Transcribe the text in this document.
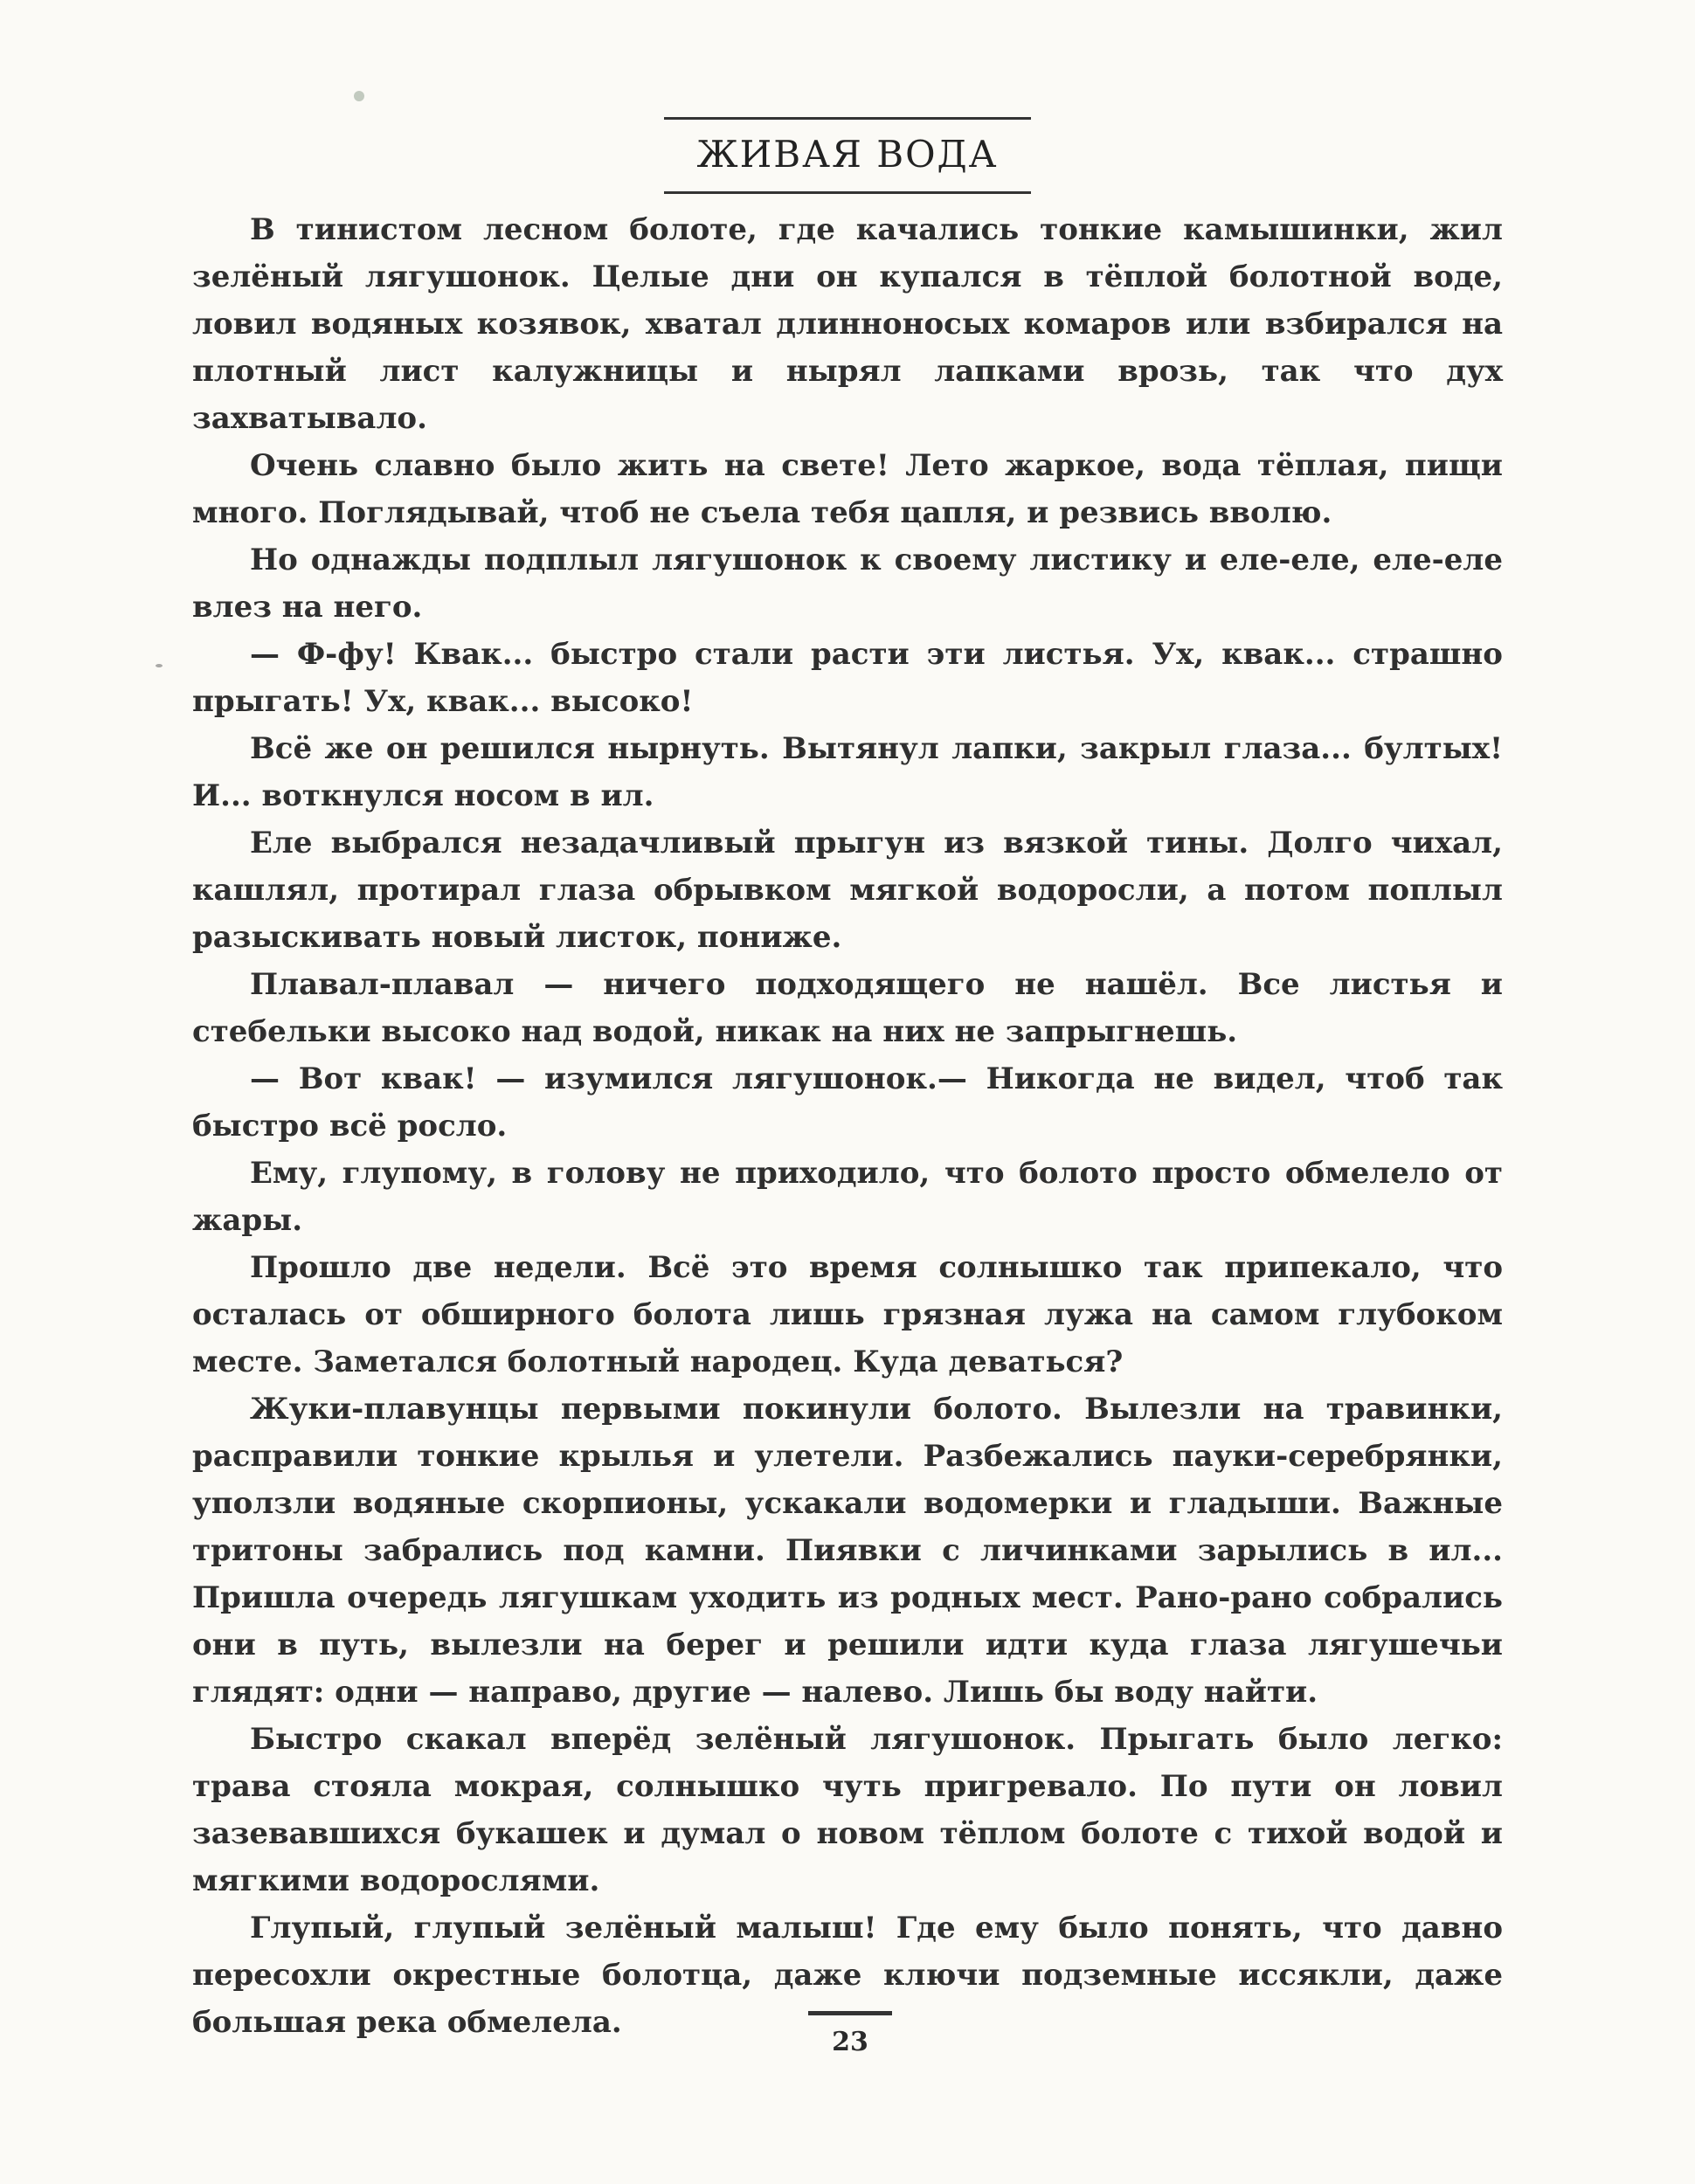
ЖИВАЯ ВОДА

В тинистом лесном болоте, где качались тонкие камышинки, жил зелёный лягушонок. Целые дни он купался в тёплой болотной воде, ловил водяных козявок, хватал длинноносых комаров или взбирался на плотный лист калужницы и нырял лапками врозь, так что дух захватывало.

Очень славно было жить на свете! Лето жаркое, вода тёплая, пищи много. Поглядывай, чтоб не съела тебя цапля, и резвись вволю.

Но однажды подплыл лягушонок к своему листику и еле-еле, еле-еле влез на него.

— Ф-фу! Квак... быстро стали расти эти листья. Ух, квак... страшно прыгать! Ух, квак... высоко!

Всё же он решился нырнуть. Вытянул лапки, закрыл глаза... бултых! И... воткнулся носом в ил.

Еле выбрался незадачливый прыгун из вязкой тины. Долго чихал, кашлял, протирал глаза обрывком мягкой водоросли, а потом поплыл разыскивать новый листок, пониже.

Плавал-плавал — ничего подходящего не нашёл. Все листья и стебельки высоко над водой, никак на них не запрыгнешь.

— Вот квак! — изумился лягушонок.— Никогда не видел, чтоб так быстро всё росло.

Ему, глупому, в голову не приходило, что болото просто обмелело от жары.

Прошло две недели. Всё это время солнышко так припекало, что осталась от обширного болота лишь грязная лужа на самом глубоком месте. Заметался болотный народец. Куда деваться?

Жуки-плавунцы первыми покинули болото. Вылезли на травинки, расправили тонкие крылья и улетели. Разбежались пауки-серебрянки, уползли водяные скорпионы, ускакали водомерки и гладыши. Важные тритоны забрались под камни. Пиявки с личинками зарылись в ил... Пришла очередь лягушкам уходить из родных мест. Рано-рано собрались они в путь, вылезли на берег и решили идти куда глаза лягушечьи глядят: одни — направо, другие — налево. Лишь бы воду найти.

Быстро скакал вперёд зелёный лягушонок. Прыгать было легко: трава стояла мокрая, солнышко чуть пригревало. По пути он ловил зазевавшихся букашек и думал о новом тёплом болоте с тихой водой и мягкими водорослями.

Глупый, глупый зелёный малыш! Где ему было понять, что давно пересохли окрестные болотца, даже ключи подземные иссякли, даже большая река обмелела.

23
